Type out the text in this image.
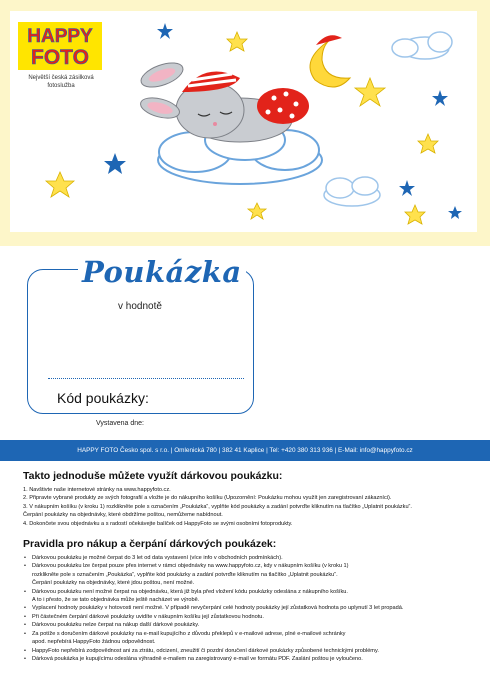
HAPPY
FOTO
Největší česká zásilková fotoslužba
Poukázka
v hodnotě
Kód poukázky:
Vystavena dne:
HAPPY FOTO Česko spol. s r.o. | Omlenická 780 | 382 41 Kaplice | Tel: +420 380 313 936 | E-Mail: info@happyfoto.cz
Takto jednoduše můžete využít dárkovou poukázku:
1. Navštivte naše internetové stránky na www.happyfoto.cz.
2. Připravte vybrané produkty ze svých fotografií a vložte je do nákupního košíku (Upozornění: Poukázku mohou využít jen zaregistrovaní zákazníci).
3. V nákupním košíku (v kroku 1) rozklikněte pole s označením „Poukázka“, vyplňte kód poukázky a zadání potvrďte kliknutím na tlačítko „Uplatnit poukázku“.
Čerpání poukázky na objednávky, které obdržíme poštou, nemůžeme nabídnout.
4. Dokončete svou objednávku a s radostí očekávejte balíček od HappyFoto se svými osobními fotoprodukty.
Pravidla pro nákup a čerpání dárkových poukázek:
• Dárkovou poukázku je možné čerpat do 3 let od data vystavení (více info v obchodních podmínkách).
• Dárkovou poukázku lze čerpat pouze přes internet v rámci objednávky na www.happyfoto.cz, kdy v nákupním košíku (v kroku 1)
rozklikněte pole s označením „Poukázka“, vyplňte kód poukázky a zadání potvrďte kliknutím na tlačítko „Uplatnit poukázku“.
Čerpání poukázky na objednávky, které jdou poštou, není možné.
• Dárkovou poukázku není možné čerpat na objednávku, která již byla před vložení kódu poukázky odeslána z nákupního košíku.
A to i přesto, že se tato objednávka může ještě nacházet ve výrobě.
• Vyplacení hodnoty poukázky v hotovosti není možné. V případě nevyčerpání celé hodnoty poukázky její zůstatková hodnota po uplynutí 3 let propadá.
• Při částečném čerpání dárkové poukázky uvidíte v nákupním košíku její zůstatkovou hodnotu.
• Dárkovou poukázku nelze čerpat na nákup další dárkové poukázky.
• Za potíže s doručením dárkové poukázky na e-mail kupujícího z důvodu překlepů v e-mailové adrese, plné e-mailové schránky
apod. nepřebírá HappyFoto žádnou odpovědnost.
• HappyFoto nepřebírá zodpovědnost ani za ztrátu, odcizení, zneužití či pozdní doručení dárkové poukázky způsobené technickými problémy.
• Dárková poukázka je kupujícímu odeslána výhradně e-mailem na zaregistrovaný e-mail ve formátu PDF. Zaslání poštou je vyloučeno.
